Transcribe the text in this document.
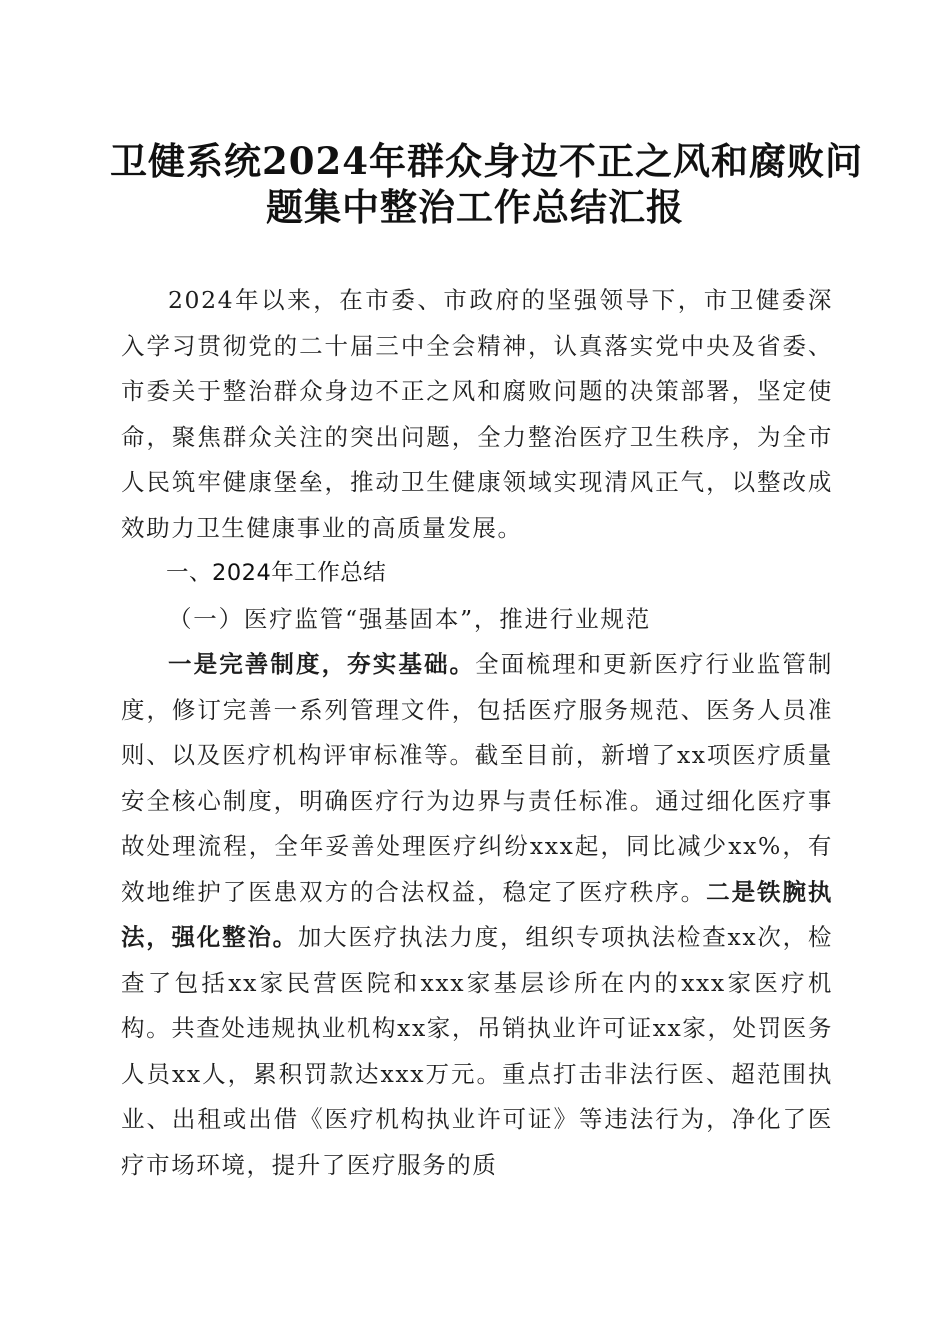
卫健系统2024年群众身边不正之风和腐败问
题集中整治工作总结汇报

2024年以来，在市委、市政府的坚强领导下，市卫健委深入学习贯彻党的二十届三中全会精神，认真落实党中央及省委、市委关于整治群众身边不正之风和腐败问题的决策部署，坚定使命，聚焦群众关注的突出问题，全力整治医疗卫生秩序，为全市人民筑牢健康堡垒，推动卫生健康领域实现清风正气，以整改成效助力卫生健康事业的高质量发展。

一、2024年工作总结

（一）医疗监管“强基固本”，推进行业规范

一是完善制度，夯实基础。全面梳理和更新医疗行业监管制度，修订完善一系列管理文件，包括医疗服务规范、医务人员准则、以及医疗机构评审标准等。截至目前，新增了xx项医疗质量安全核心制度，明确医疗行为边界与责任标准。通过细化医疗事故处理流程，全年妥善处理医疗纠纷xxx起，同比减少xx%，有效地维护了医患双方的合法权益，稳定了医疗秩序。二是铁腕执法，强化整治。加大医疗执法力度，组织专项执法检查xx次，检查了包括xx家民营医院和xxx家基层诊所在内的xxx家医疗机构。共查处违规执业机构xx家，吊销执业许可证xx家，处罚医务人员xx人，累积罚款达xxx万元。重点打击非法行医、超范围执业、出租或出借《医疗机构执业许可证》等违法行为，净化了医疗市场环境，提升了医疗服务的质
